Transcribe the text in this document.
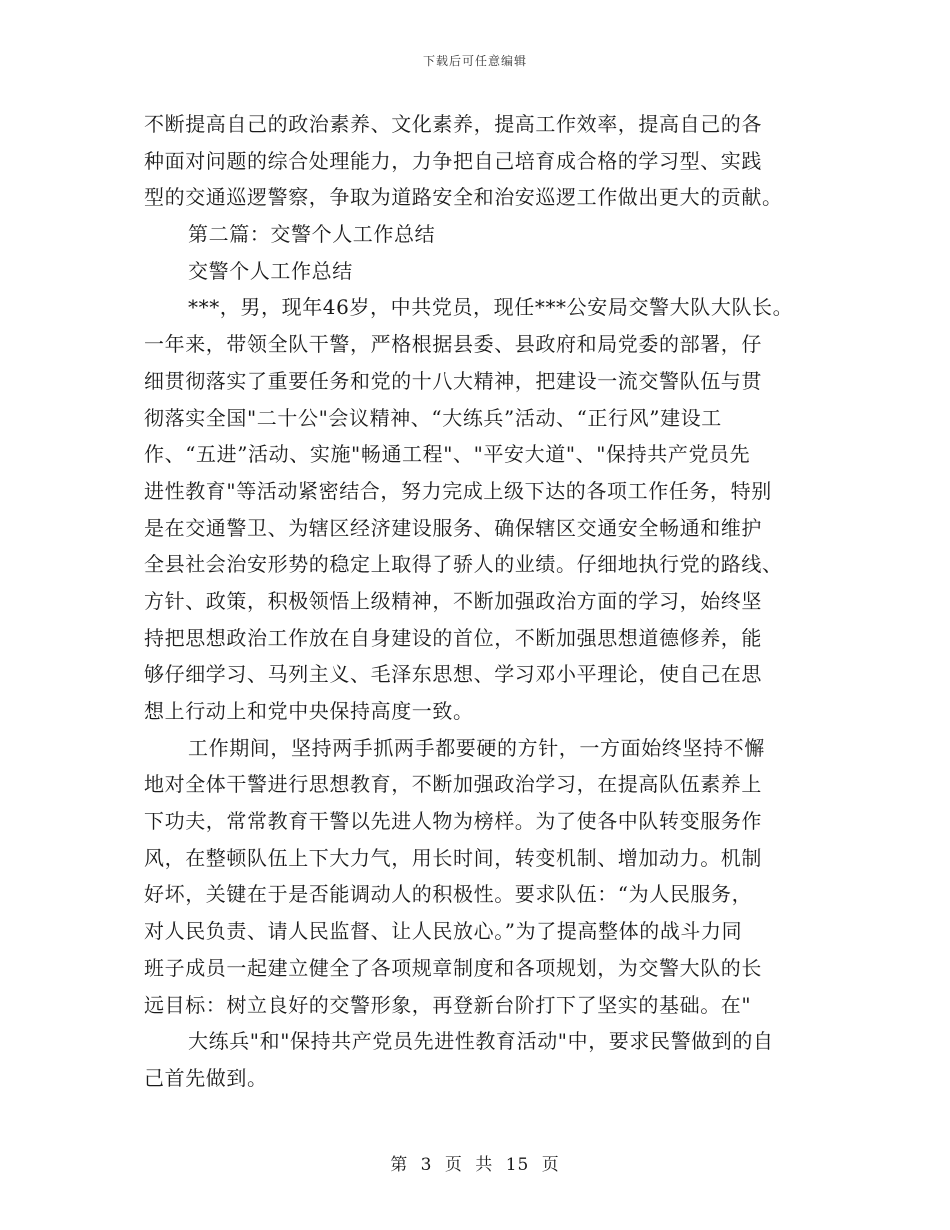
下载后可任意编辑
不断提高自己的政治素养、文化素养，提高工作效率，提高自己的各
种面对问题的综合处理能力，力争把自己培育成合格的学习型、实践
型的交通巡逻警察，争取为道路安全和治安巡逻工作做出更大的贡献。
第二篇：交警个人工作总结
交警个人工作总结
***，男，现年46岁，中共党员，现任***公安局交警大队大队长。
一年来，带领全队干警，严格根据县委、县政府和局党委的部署，仔
细贯彻落实了重要任务和党的十八大精神，把建设一流交警队伍与贯
彻落实全国"二十公"会议精神、“大练兵”活动、“正行风”建设工
作、“五进”活动、实施"畅通工程"、"平安大道"、"保持共产党员先
进性教育"等活动紧密结合，努力完成上级下达的各项工作任务，特别
是在交通警卫、为辖区经济建设服务、确保辖区交通安全畅通和维护
全县社会治安形势的稳定上取得了骄人的业绩。仔细地执行党的路线、
方针、政策，积极领悟上级精神，不断加强政治方面的学习，始终坚
持把思想政治工作放在自身建设的首位，不断加强思想道德修养，能
够仔细学习、马列主义、毛泽东思想、学习邓小平理论，使自己在思
想上行动上和党中央保持高度一致。
工作期间，坚持两手抓两手都要硬的方针，一方面始终坚持不懈
地对全体干警进行思想教育，不断加强政治学习，在提高队伍素养上
下功夫，常常教育干警以先进人物为榜样。为了使各中队转变服务作
风，在整顿队伍上下大力气，用长时间，转变机制、增加动力。机制
好坏，关键在于是否能调动人的积极性。要求队伍：“为人民服务，
对人民负责、请人民监督、让人民放心。”为了提高整体的战斗力同
班子成员一起建立健全了各项规章制度和各项规划，为交警大队的长
远目标：树立良好的交警形象，再登新台阶打下了坚实的基础。在"
大练兵"和"保持共产党员先进性教育活动"中，要求民警做到的自
己首先做到。
第 3 页 共 15 页
